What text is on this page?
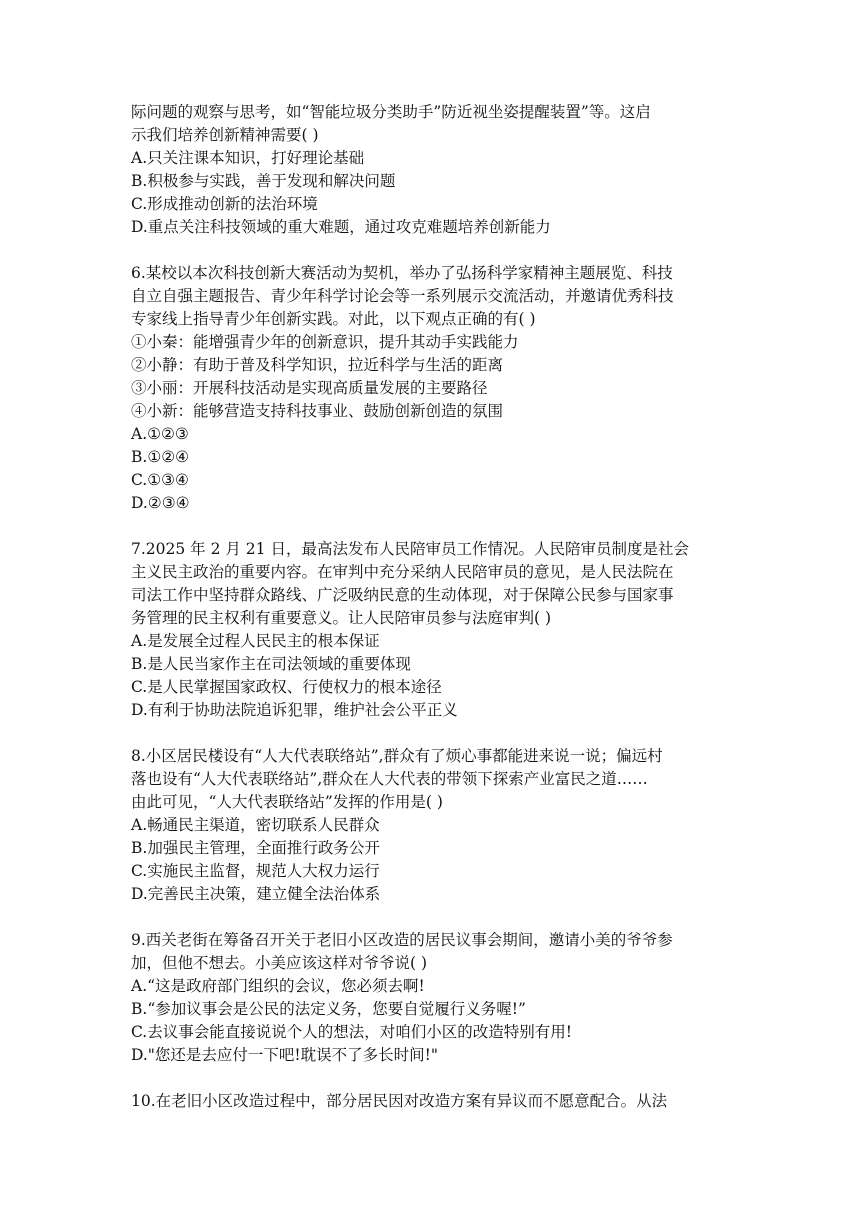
际问题的观察与思考，如“智能垃圾分类助手”防近视坐姿提醒装置”等。这启
示我们培养创新精神需要( )
A.只关注课本知识，打好理论基础
B.积极参与实践，善于发现和解决问题
C.形成推动创新的法治环境
D.重点关注科技领域的重大难题，通过攻克难题培养创新能力
6.某校以本次科技创新大赛活动为契机，举办了弘扬科学家精神主题展览、科技
自立自强主题报告、青少年科学讨论会等一系列展示交流活动，并邀请优秀科技
专家线上指导青少年创新实践。对此，以下观点正确的有( )
①小秦：能增强青少年的创新意识，提升其动手实践能力
②小静：有助于普及科学知识，拉近科学与生活的距离
③小丽：开展科技活动是实现高质量发展的主要路径
④小新：能够营造支持科技事业、鼓励创新创造的氛围
A.①②③
B.①②④
C.①③④
D.②③④
7.2025 年 2 月 21 日，最高法发布人民陪审员工作情况。人民陪审员制度是社会
主义民主政治的重要内容。在审判中充分采纳人民陪审员的意见，是人民法院在
司法工作中坚持群众路线、广泛吸纳民意的生动体现，对于保障公民参与国家事
务管理的民主权利有重要意义。让人民陪审员参与法庭审判( )
A.是发展全过程人民民主的根本保证
B.是人民当家作主在司法领域的重要体现
C.是人民掌握国家政权、行使权力的根本途径
D.有利于协助法院追诉犯罪，维护社会公平正义
8.小区居民楼设有“人大代表联络站”,群众有了烦心事都能进来说一说；偏远村
落也设有“人大代表联络站”,群众在人大代表的带领下探索产业富民之道……
由此可见，“人大代表联络站”发挥的作用是( )
A.畅通民主渠道，密切联系人民群众
B.加强民主管理，全面推行政务公开
C.实施民主监督，规范人大权力运行
D.完善民主决策，建立健全法治体系
9.西关老街在筹备召开关于老旧小区改造的居民议事会期间，邀请小美的爷爷参
加，但他不想去。小美应该这样对爷爷说( )
A.“这是政府部门组织的会议，您必须去啊!
B.“参加议事会是公民的法定义务，您要自觉履行义务喔!”
C.去议事会能直接说说个人的想法，对咱们小区的改造特别有用!
D."您还是去应付一下吧!耽误不了多长时间!"
10.在老旧小区改造过程中，部分居民因对改造方案有异议而不愿意配合。从法
